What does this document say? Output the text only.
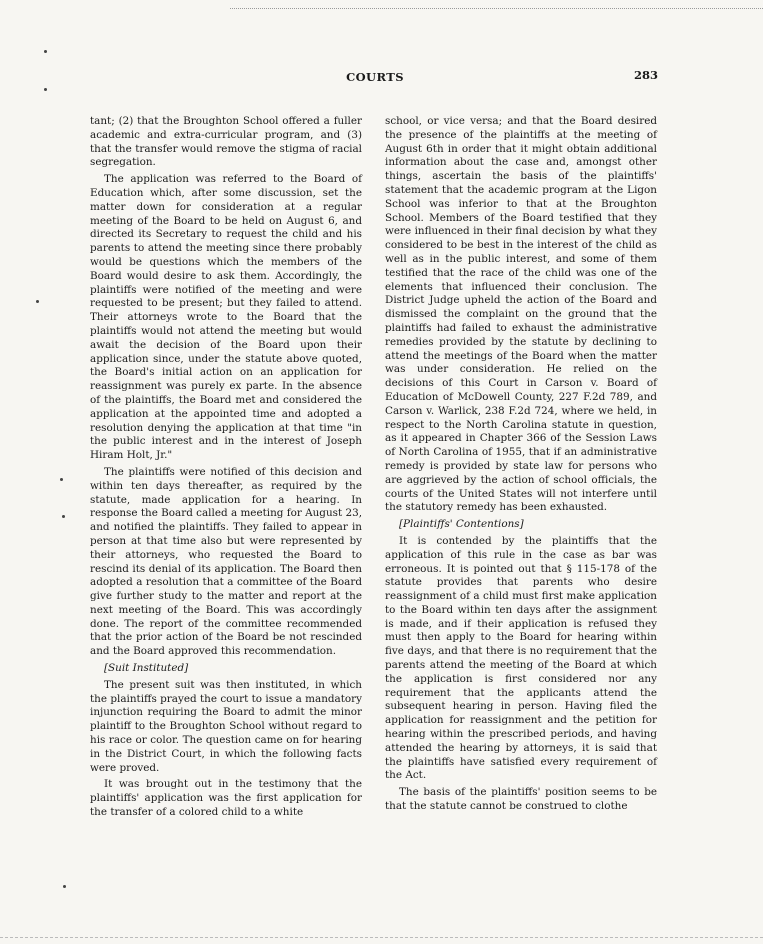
COURTS	283

tant; (2) that the Broughton School offered a fuller academic and extra-curricular program, and (3) that the transfer would remove the stigma of racial segregation.

The application was referred to the Board of Education which, after some discussion, set the matter down for consideration at a regular meeting of the Board to be held on August 6, and directed its Secretary to request the child and his parents to attend the meeting since there probably would be questions which the members of the Board would desire to ask them. Accordingly, the plaintiffs were notified of the meeting and were requested to be present; but they failed to attend. Their attorneys wrote to the Board that the plaintiffs would not attend the meeting but would await the decision of the Board upon their application since, under the statute above quoted, the Board's initial action on an application for reassignment was purely ex parte. In the absence of the plaintiffs, the Board met and considered the application at the appointed time and adopted a resolution denying the application at that time "in the public interest and in the interest of Joseph Hiram Holt, Jr."

The plaintiffs were notified of this decision and within ten days thereafter, as required by the statute, made application for a hearing. In response the Board called a meeting for August 23, and notified the plaintiffs. They failed to appear in person at that time also but were represented by their attorneys, who requested the Board to rescind its denial of its application. The Board then adopted a resolution that a committee of the Board give further study to the matter and report at the next meeting of the Board. This was accordingly done. The report of the committee recommended that the prior action of the Board be not rescinded and the Board approved this recommendation.

[Suit Instituted]

The present suit was then instituted, in which the plaintiffs prayed the court to issue a mandatory injunction requiring the Board to admit the minor plaintiff to the Broughton School without regard to his race or color. The question came on for hearing in the District Court, in which the following facts were proved.

It was brought out in the testimony that the plaintiffs' application was the first application for the transfer of a colored child to a white

school, or vice versa; and that the Board desired the presence of the plaintiffs at the meeting of August 6th in order that it might obtain additional information about the case and, amongst other things, ascertain the basis of the plaintiffs' statement that the academic program at the Ligon School was inferior to that at the Broughton School. Members of the Board testified that they were influenced in their final decision by what they considered to be best in the interest of the child as well as in the public interest, and some of them testified that the race of the child was one of the elements that influenced their conclusion. The District Judge upheld the action of the Board and dismissed the complaint on the ground that the plaintiffs had failed to exhaust the administrative remedies provided by the statute by declining to attend the meetings of the Board when the matter was under consideration. He relied on the decisions of this Court in Carson v. Board of Education of McDowell County, 227 F.2d 789, and Carson v. Warlick, 238 F.2d 724, where we held, in respect to the North Carolina statute in question, as it appeared in Chapter 366 of the Session Laws of North Carolina of 1955, that if an administrative remedy is provided by state law for persons who are aggrieved by the action of school officials, the courts of the United States will not interfere until the statutory remedy has been exhausted.

[Plaintiffs' Contentions]

It is contended by the plaintiffs that the application of this rule in the case as bar was erroneous. It is pointed out that § 115-178 of the statute provides that parents who desire reassignment of a child must first make application to the Board within ten days after the assignment is made, and if their application is refused they must then apply to the Board for hearing within five days, and that there is no requirement that the parents attend the meeting of the Board at which the application is first considered nor any requirement that the applicants attend the subsequent hearing in person. Having filed the application for reassignment and the petition for hearing within the prescribed periods, and having attended the hearing by attorneys, it is said that the plaintiffs have satisfied every requirement of the Act.

The basis of the plaintiffs' position seems to be that the statute cannot be construed to clothe
